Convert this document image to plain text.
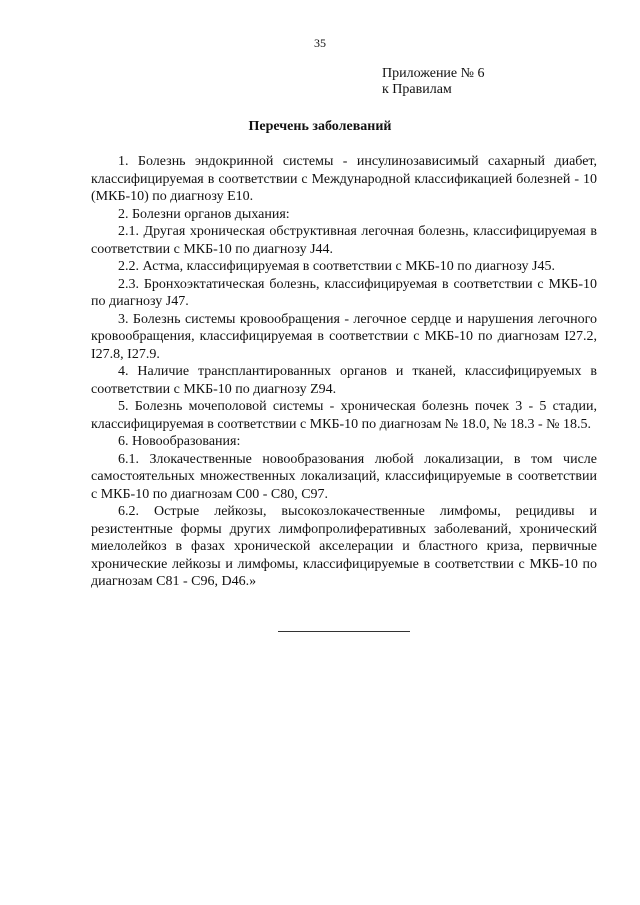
35
Приложение № 6
к Правилам
Перечень заболеваний

1. Болезнь эндокринной системы - инсулинозависимый сахарный диабет, классифицируемая в соответствии с Международной классификацией болезней - 10 (МКБ-10) по диагнозу Е10.

2. Болезни органов дыхания:

2.1. Другая хроническая обструктивная легочная болезнь, классифицируемая в соответствии с МКБ-10 по диагнозу J44.

2.2. Астма, классифицируемая в соответствии с МКБ-10 по диагнозу J45.

2.3. Бронхоэктатическая болезнь, классифицируемая в соответствии с МКБ-10 по диагнозу J47.

3. Болезнь системы кровообращения - легочное сердце и нарушения легочного кровообращения, классифицируемая в соответствии с МКБ-10 по диагнозам I27.2, I27.8, I27.9.

4. Наличие трансплантированных органов и тканей, классифицируемых в соответствии с МКБ-10 по диагнозу Z94.

5. Болезнь мочеполовой системы - хроническая болезнь почек 3 - 5 стадии, классифицируемая в соответствии с МКБ-10 по диагнозам № 18.0, № 18.3 - № 18.5.

6. Новообразования:

6.1. Злокачественные новообразования любой локализации, в том числе самостоятельных множественных локализаций, классифицируемые в соответствии с МКБ-10 по диагнозам С00 - С80, С97.

6.2. Острые лейкозы, высокозлокачественные лимфомы, рецидивы и резистентные формы других лимфопролиферативных заболеваний, хронический миелолейкоз в фазах хронической акселерации и бластного криза, первичные хронические лейкозы и лимфомы, классифицируемые в соответствии с МКБ-10 по диагнозам С81 - С96, D46.»
